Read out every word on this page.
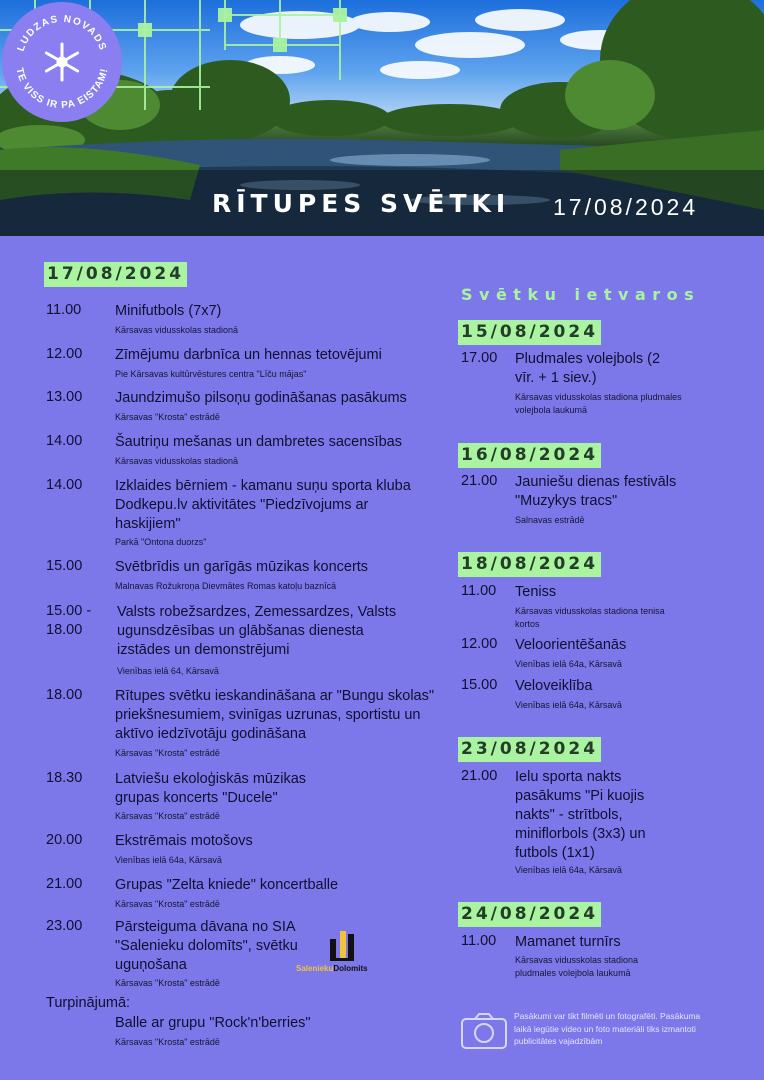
RĪTUPES SVĒTKI 17/08/2024
LUDZAS NOVADS
TE VISS IR PA EISTAM!
17/08/2024
11.00 Minifutbols (7x7)
Kārsavas vidusskolas stadionā
12.00 Zīmējumu darbnīca un hennas tetovējumi
Pie Kārsavas kultūrvēstures centra "Līču mājas"
13.00 Jaundzimušo pilsoņu godināšanas pasākums
Kārsavas "Krosta" estrādē
14.00 Šautriņu mešanas un dambretes sacensības
Kārsavas vidusskolas stadionā
14.00 Izklaides bērniem - kamanu suņu sporta kluba Dodkepu.lv aktivitātes "Piedzīvojums ar haskijiem"
Parkā "Ontona duorzs"
15.00 Svētbrīdis un garīgās mūzikas koncerts
Malnavas Rožukroņa Dievmātes Romas katoļu baznīcā
15.00 -
18.00
Valsts robežsardzes, Zemessardzes, Valsts ugunsdzēsības un glābšanas dienesta izstādes un demonstrējumi
Vienības ielā 64, Kārsavā
18.00 Rītupes svētku ieskandināšana ar "Bungu skolas" priekšnesumiem, svinīgas uzrunas, sportistu un aktīvo iedzīvotāju godināšana
Kārsavas "Krosta" estrādē
18.30 Latviešu ekoloģiskās mūzikas grupas koncerts "Ducele"
Kārsavas "Krosta" estrādē
20.00 Ekstrēmais motošovs
Vienības ielā 64a, Kārsavā
21.00 Grupas "Zelta kniede" koncertballe
Kārsavas "Krosta" estrādē
23.00 Pārsteiguma dāvana no SIA "Salenieku dolomīts", svētku uguņošana
Kārsavas "Krosta" estrādē
SaleniekuDolomits
Turpinājumā:
Balle ar grupu "Rock'n'berries"
Kārsavas "Krosta" estrādē
Svētku ietvaros
15/08/2024
17.00 Pludmales volejbols (2 vīr. + 1 siev.)
Kārsavas vidusskolas stadiona pludmales volejbola laukumā
16/08/2024
21.00 Jauniešu dienas festivāls "Muzykys tracs"
Salnavas estrādē
18/08/2024
11.00 Teniss
Kārsavas vidusskolas stadiona tenisa kortos
12.00 Veloorientēšanās
Vienības ielā 64a, Kārsavā
15.00 Veloveiklība
Vienības ielā 64a, Kārsavā
23/08/2024
21.00 Ielu sporta nakts pasākums "Pi kuojis nakts" - strītbols, miniflorbols (3x3) un futbols (1x1)
Vienības ielā 64a, Kārsavā
24/08/2024
11.00 Mamanet turnīrs
Kārsavas vidusskolas stadiona pludmales volejbola laukumā
Pasākumi var tikt filmēti un fotografēti. Pasākuma laikā iegūtie video un foto materiāli tiks izmantoti publicitātes vajadzībām
